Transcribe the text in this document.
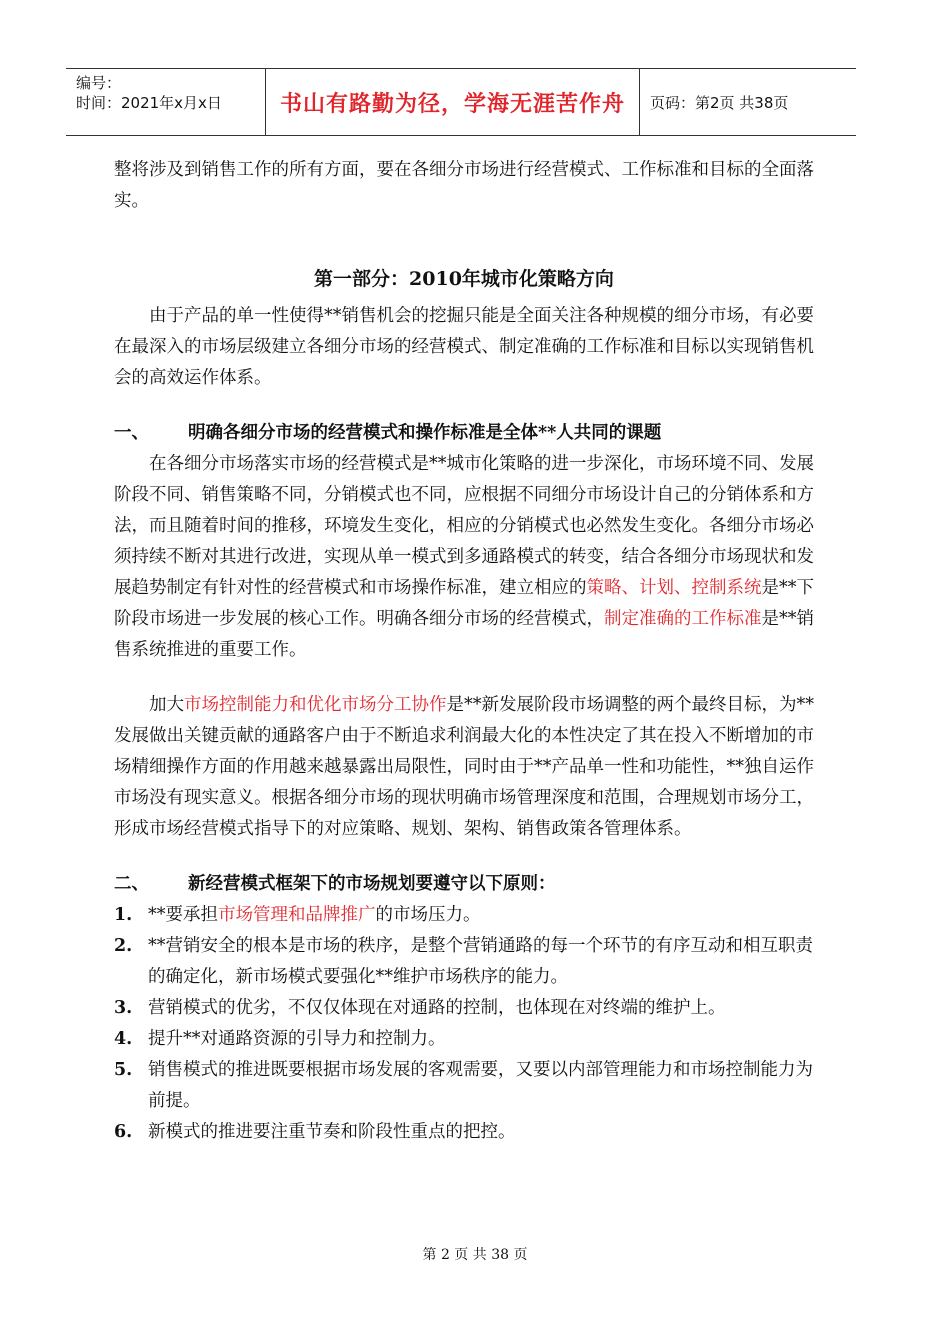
编号：
时间：2021年x月x日	书山有路勤为径，学海无涯苦作舟	页码：第2页 共38页

整将涉及到销售工作的所有方面，要在各细分市场进行经营模式、工作标准和目标的全面落实。

第一部分：2010年城市化策略方向

由于产品的单一性使得**销售机会的挖掘只能是全面关注各种规模的细分市场，有必要在最深入的市场层级建立各细分市场的经营模式、制定准确的工作标准和目标以实现销售机会的高效运作体系。

一、	明确各细分市场的经营模式和操作标准是全体**人共同的课题

在各细分市场落实市场的经营模式是**城市化策略的进一步深化，市场环境不同、发展阶段不同、销售策略不同，分销模式也不同，应根据不同细分市场设计自己的分销体系和方法，而且随着时间的推移，环境发生变化，相应的分销模式也必然发生变化。各细分市场必须持续不断对其进行改进，实现从单一模式到多通路模式的转变，结合各细分市场现状和发展趋势制定有针对性的经营模式和市场操作标准，建立相应的策略、计划、控制系统是**下阶段市场进一步发展的核心工作。明确各细分市场的经营模式，制定准确的工作标准是**销售系统推进的重要工作。

加大市场控制能力和优化市场分工协作是**新发展阶段市场调整的两个最终目标，为**发展做出关键贡献的通路客户由于不断追求利润最大化的本性决定了其在投入不断增加的市场精细操作方面的作用越来越暴露出局限性，同时由于**产品单一性和功能性，**独自运作市场没有现实意义。根据各细分市场的现状明确市场管理深度和范围，合理规划市场分工，形成市场经营模式指导下的对应策略、规划、架构、销售政策各管理体系。

二、	新经营模式框架下的市场规划要遵守以下原则：

1. **要承担市场管理和品牌推广的市场压力。
2. **营销安全的根本是市场的秩序，是整个营销通路的每一个环节的有序互动和相互职责的确定化，新市场模式要强化**维护市场秩序的能力。
3. 营销模式的优劣，不仅仅体现在对通路的控制，也体现在对终端的维护上。
4. 提升**对通路资源的引导力和控制力。
5. 销售模式的推进既要根据市场发展的客观需要，又要以内部管理能力和市场控制能力为前提。
6. 新模式的推进要注重节奏和阶段性重点的把控。
第 2 页 共 38 页
